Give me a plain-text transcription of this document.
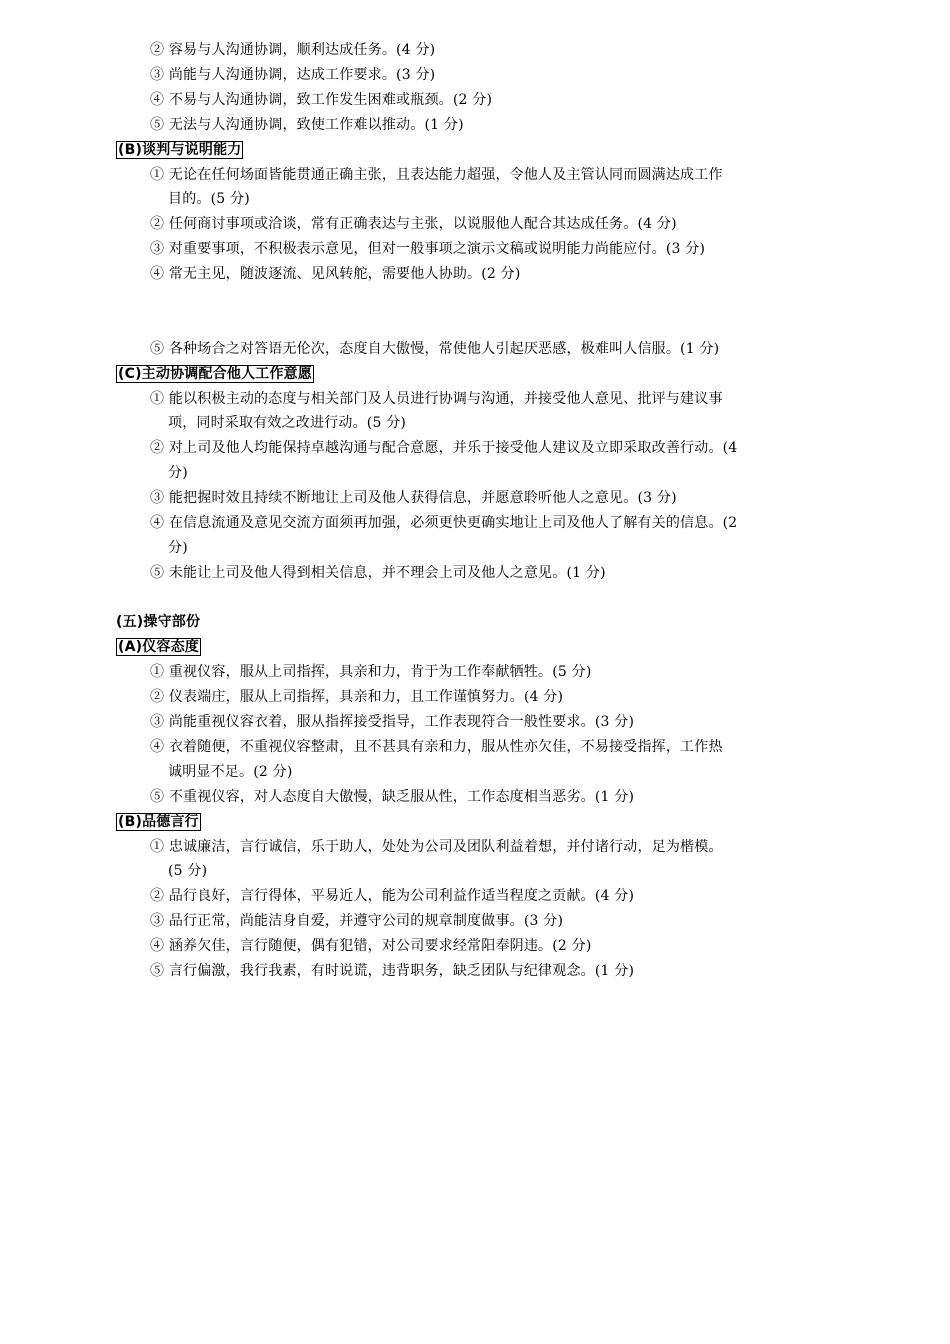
② 容易与人沟通协调，顺利达成任务。(4 分)
③ 尚能与人沟通协调，达成工作要求。(3 分)
④ 不易与人沟通协调，致工作发生困难或瓶颈。(2 分)
⑤ 无法与人沟通协调，致使工作难以推动。(1 分)
(B)谈判与说明能力
① 无论在任何场面皆能贯通正确主张，且表达能力超强，令他人及主管认同而圆满达成工作
目的。(5 分)
② 任何商讨事项或洽谈，常有正确表达与主张，以说服他人配合其达成任务。(4 分)
③ 对重要事项，不积极表示意见，但对一般事项之演示文稿或说明能力尚能应付。(3 分)
④ 常无主见，随波逐流、见风转舵，需要他人协助。(2 分)
⑤ 各种场合之对答语无伦次，态度自大傲慢，常使他人引起厌恶感，极难叫人信服。(1 分)
(C)主动协调配合他人工作意愿
① 能以积极主动的态度与相关部门及人员进行协调与沟通，并接受他人意见、批评与建议事
项，同时采取有效之改进行动。(5 分)
② 对上司及他人均能保持卓越沟通与配合意愿，并乐于接受他人建议及立即采取改善行动。(4
分)
③ 能把握时效且持续不断地让上司及他人获得信息，并愿意聆听他人之意见。(3 分)
④ 在信息流通及意见交流方面须再加强，必须更快更确实地让上司及他人了解有关的信息。(2
分)
⑤ 未能让上司及他人得到相关信息，并不理会上司及他人之意见。(1 分)
(五)操守部份
(A)仪容态度
① 重视仪容，服从上司指挥，具亲和力，肯于为工作奉献牺牲。(5 分)
② 仪表端庄，服从上司指挥，具亲和力，且工作谨慎努力。(4 分)
③ 尚能重视仪容衣着，服从指挥接受指导，工作表现符合一般性要求。(3 分)
④ 衣着随便，不重视仪容整肃，且不甚具有亲和力，服从性亦欠佳，不易接受指挥，工作热
诚明显不足。(2 分)
⑤ 不重视仪容，对人态度自大傲慢，缺乏服从性，工作态度相当恶劣。(1 分)
(B)品德言行
① 忠诚廉洁，言行诚信，乐于助人，处处为公司及团队利益着想，并付诸行动，足为楷模。
(5 分)
② 品行良好，言行得体，平易近人，能为公司利益作适当程度之贡献。(4 分)
③ 品行正常，尚能洁身自爱，并遵守公司的规章制度做事。(3 分)
④ 涵养欠佳，言行随便，偶有犯错，对公司要求经常阳奉阴违。(2 分)
⑤ 言行偏激，我行我素，有时说谎，违背职务，缺乏团队与纪律观念。(1 分)
